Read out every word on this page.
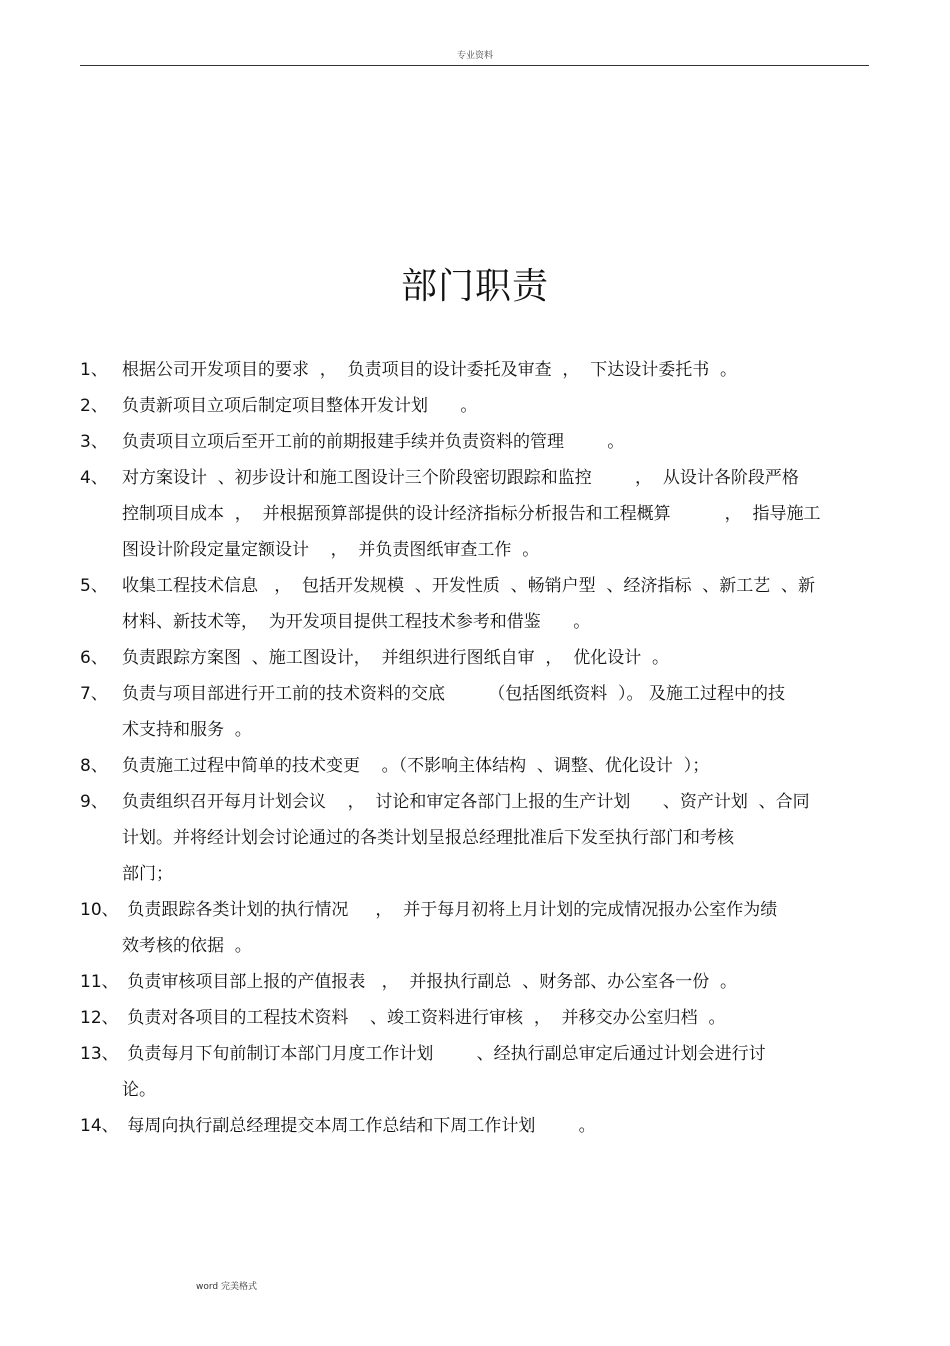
专业资料
部门职责
1、 根据公司开发项目的要求  ，  负责项目的设计委托及审查  ，  下达设计委托书  。
2、 负责新项目立项后制定项目整体开发计划      。
3、 负责项目立项后至开工前的前期报建手续并负责资料的管理        。
4、 对方案设计  、初步设计和施工图设计三个阶段密切跟踪和监控        ，  从设计各阶段严格
控制项目成本  ，  并根据预算部提供的设计经济指标分析报告和工程概算          ，  指导施工
图设计阶段定量定额设计    ，  并负责图纸审查工作  。
5、 收集工程技术信息   ，  包括开发规模  、开发性质  、畅销户型  、经济指标  、新工艺  、新
材料、新技术等，  为开发项目提供工程技术参考和借鉴      。
6、 负责跟踪方案图  、施工图设计，  并组织进行图纸自审  ，  优化设计  。
7、 负责与项目部进行开工前的技术资料的交底        （包括图纸资料  ）。 及施工过程中的技
术支持和服务  。
8、 负责施工过程中简单的技术变更    。（不影响主体结构  、调整、优化设计  ）；
9、 负责组织召开每月计划会议    ，  讨论和审定各部门上报的生产计划      、资产计划  、合同
计划。并将经计划会讨论通过的各类计划呈报总经理批准后下发至执行部门和考核
部门；
10、 负责跟踪各类计划的执行情况     ，  并于每月初将上月计划的完成情况报办公室作为绩
效考核的依据  。
11、 负责审核项目部上报的产值报表   ，  并报执行副总  、财务部、办公室各一份  。
12、 负责对各项目的工程技术资料    、竣工资料进行审核  ，  并移交办公室归档  。
13、 负责每月下旬前制订本部门月度工作计划        、经执行副总审定后通过计划会进行讨
论。
14、 每周向执行副总经理提交本周工作总结和下周工作计划        。
word 完美格式
